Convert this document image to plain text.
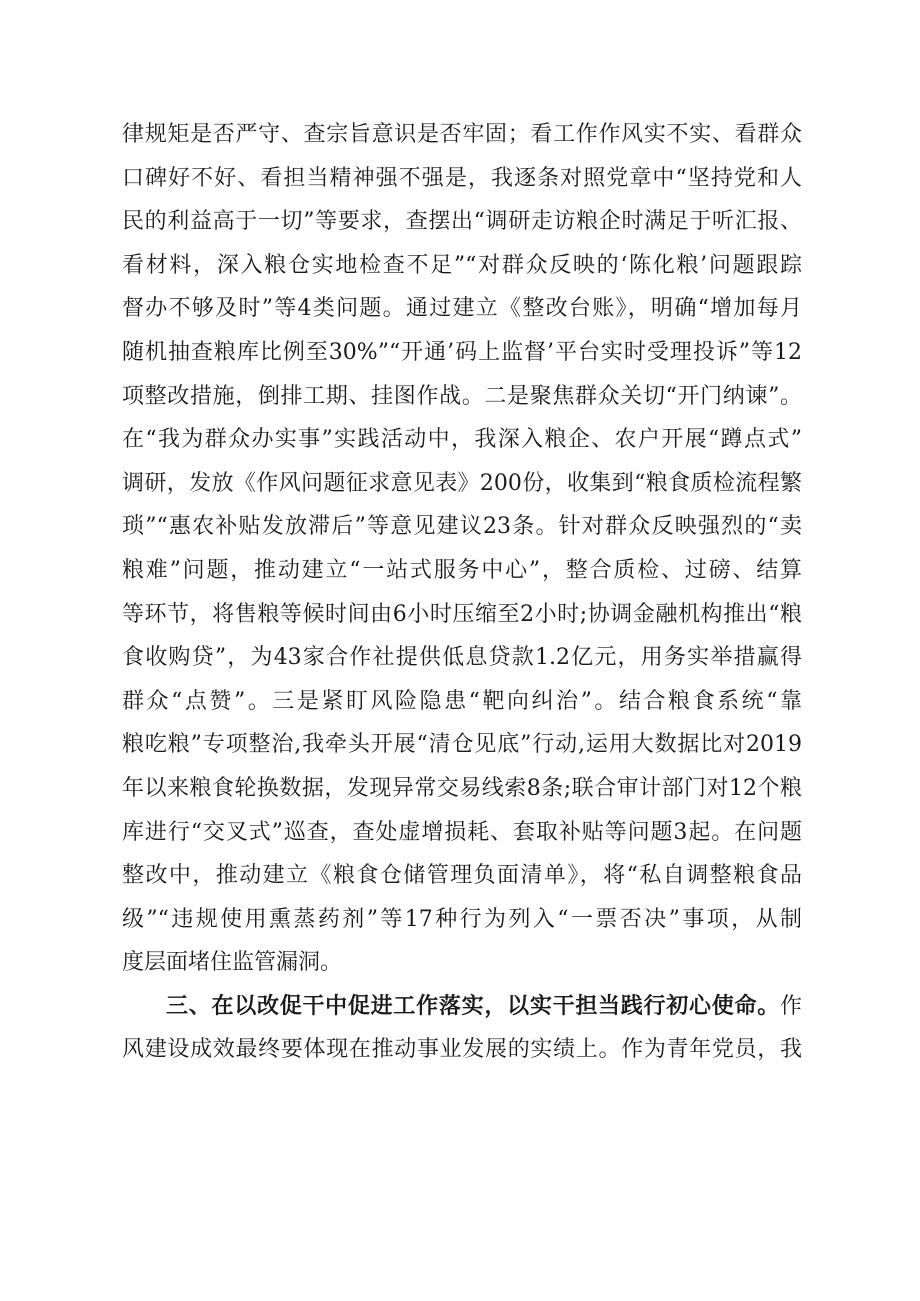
律规矩是否严守、查宗旨意识是否牢固；看工作作风实不实、看群众
口碑好不好、看担当精神强不强是，我逐条对照党章中“坚持党和人
民的利益高于一切”等要求，查摆出“调研走访粮企时满足于听汇报、
看材料，深入粮仓实地检查不足”“对群众反映的‘陈化粮’问题跟踪
督办不够及时”等4类问题。通过建立《整改台账》，明确“增加每月
随机抽查粮库比例至30%”“开通’码上监督’平台实时受理投诉”等12
项整改措施，倒排工期、挂图作战。二是聚焦群众关切“开门纳谏”。
在“我为群众办实事”实践活动中，我深入粮企、农户开展“蹲点式”
调研，发放《作风问题征求意见表》200份，收集到“粮食质检流程繁
琐”“惠农补贴发放滞后”等意见建议23条。针对群众反映强烈的“卖
粮难”问题，推动建立“一站式服务中心”，整合质检、过磅、结算
等环节，将售粮等候时间由6小时压缩至2小时;协调金融机构推出“粮
食收购贷”，为43家合作社提供低息贷款1.2亿元，用务实举措赢得
群众“点赞”。三是紧盯风险隐患“靶向纠治”。结合粮食系统“靠
粮吃粮”专项整治,我牵头开展“清仓见底”行动,运用大数据比对2019
年以来粮食轮换数据，发现异常交易线索8条;联合审计部门对12个粮
库进行“交叉式”巡查，查处虚增损耗、套取补贴等问题3起。在问题
整改中，推动建立《粮食仓储管理负面清单》，将“私自调整粮食品
级”“违规使用熏蒸药剂”等17种行为列入“一票否决”事项，从制
度层面堵住监管漏洞。
三、在以改促干中促进工作落实，以实干担当践行初心使命。作
风建设成效最终要体现在推动事业发展的实绩上。作为青年党员，我
